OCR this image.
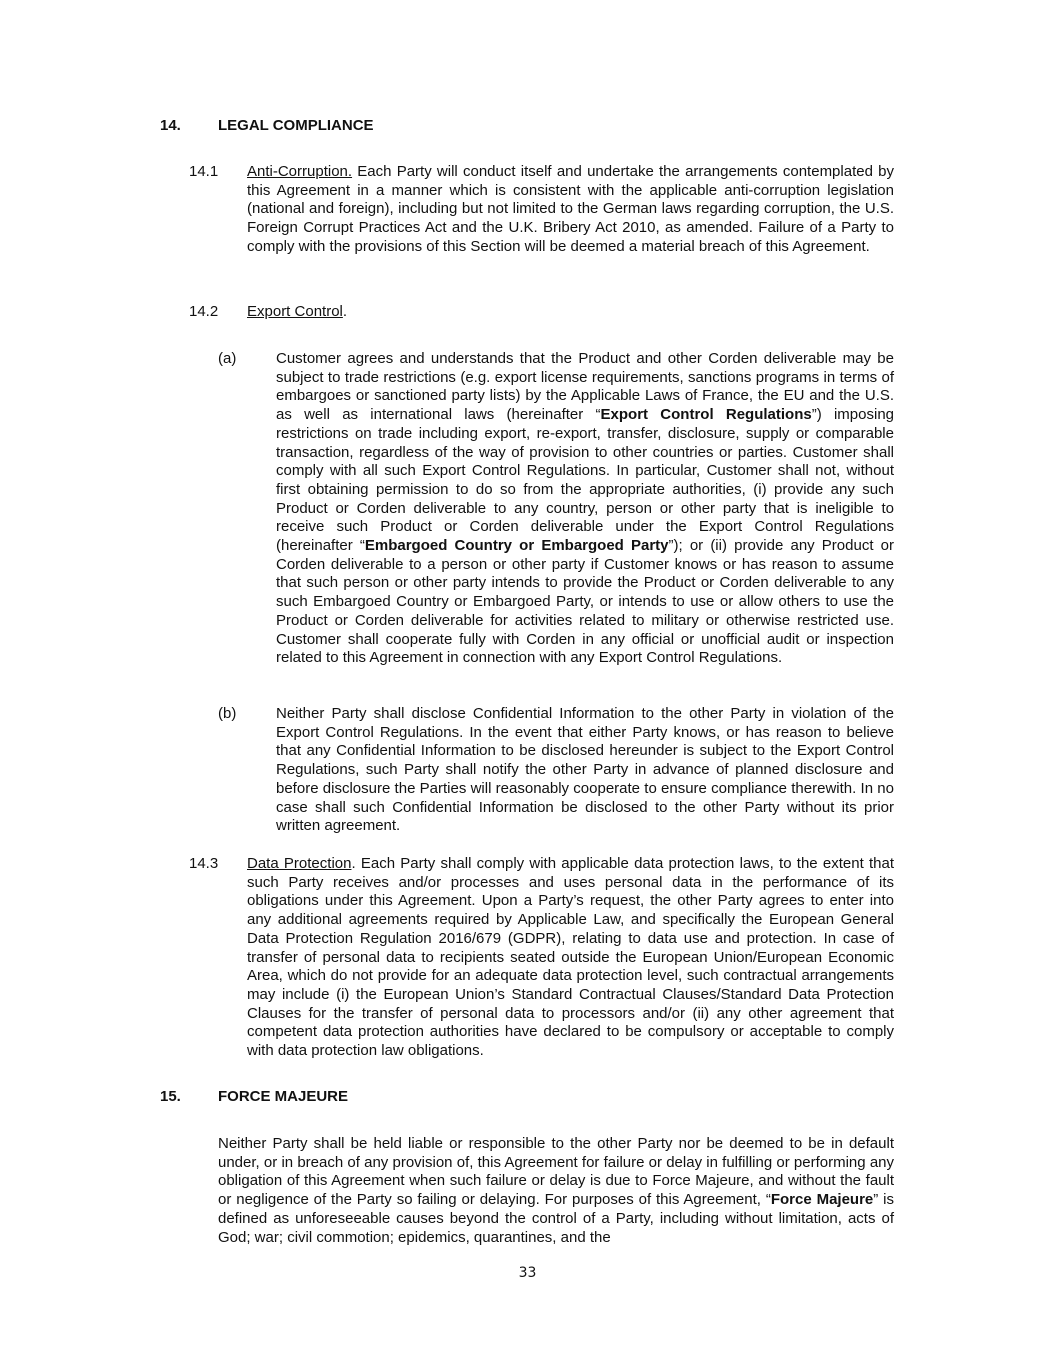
14. LEGAL COMPLIANCE
14.1 Anti-Corruption. Each Party will conduct itself and undertake the arrangements contemplated by this Agreement in a manner which is consistent with the applicable anti-corruption legislation (national and foreign), including but not limited to the German laws regarding corruption, the U.S. Foreign Corrupt Practices Act and the U.K. Bribery Act 2010, as amended. Failure of a Party to comply with the provisions of this Section will be deemed a material breach of this Agreement.

14.2 Export Control.

(a)	Customer agrees and understands that the Product and other Corden deliverable may be subject to trade restrictions (e.g. export license requirements, sanctions programs in terms of embargoes or sanctioned party lists) by the Applicable Laws of France, the EU and the U.S. as well as international laws (hereinafter “Export Control Regulations”) imposing restrictions on trade including export, re-export, transfer, disclosure, supply or comparable transaction, regardless of the way of provision to other countries or parties. Customer shall comply with all such Export Control Regulations. In particular, Customer shall not, without first obtaining permission to do so from the appropriate authorities, (i) provide any such Product or Corden deliverable to any country, person or other party that is ineligible to receive such Product or Corden deliverable under the Export Control Regulations (hereinafter “Embargoed Country or Embargoed Party”); or (ii) provide any Product or Corden deliverable to a person or other party if Customer knows or has reason to assume that such person or other party intends to provide the Product or Corden deliverable to any such Embargoed Country or Embargoed Party, or intends to use or allow others to use the Product or Corden deliverable for activities related to military or otherwise restricted use. Customer shall cooperate fully with Corden in any official or unofficial audit or inspection related to this Agreement in connection with any Export Control Regulations.

(b)	Neither Party shall disclose Confidential Information to the other Party in violation of the Export Control Regulations. In the event that either Party knows, or has reason to believe that any Confidential Information to be disclosed hereunder is subject to the Export Control Regulations, such Party shall notify the other Party in advance of planned disclosure and before disclosure the Parties will reasonably cooperate to ensure compliance therewith. In no case shall such Confidential Information be disclosed to the other Party without its prior written agreement.

14.3 Data Protection. Each Party shall comply with applicable data protection laws, to the extent that such Party receives and/or processes and uses personal data in the performance of its obligations under this Agreement. Upon a Party’s request, the other Party agrees to enter into any additional agreements required by Applicable Law, and specifically the European General Data Protection Regulation 2016/679 (GDPR), relating to data use and protection. In case of transfer of personal data to recipients seated outside the European Union/European Economic Area, which do not provide for an adequate data protection level, such contractual arrangements may include (i) the European Union’s Standard Contractual Clauses/Standard Data Protection Clauses for the transfer of personal data to processors and/or (ii) any other agreement that competent data protection authorities have declared to be compulsory or acceptable to comply with data protection law obligations.

15. FORCE MAJEURE

Neither Party shall be held liable or responsible to the other Party nor be deemed to be in default under, or in breach of any provision of, this Agreement for failure or delay in fulfilling or performing any obligation of this Agreement when such failure or delay is due to Force Majeure, and without the fault or negligence of the Party so failing or delaying. For purposes of this Agreement, “Force Majeure” is defined as unforeseeable causes beyond the control of a Party, including without limitation, acts of God; war; civil commotion; epidemics, quarantines, and the

33
